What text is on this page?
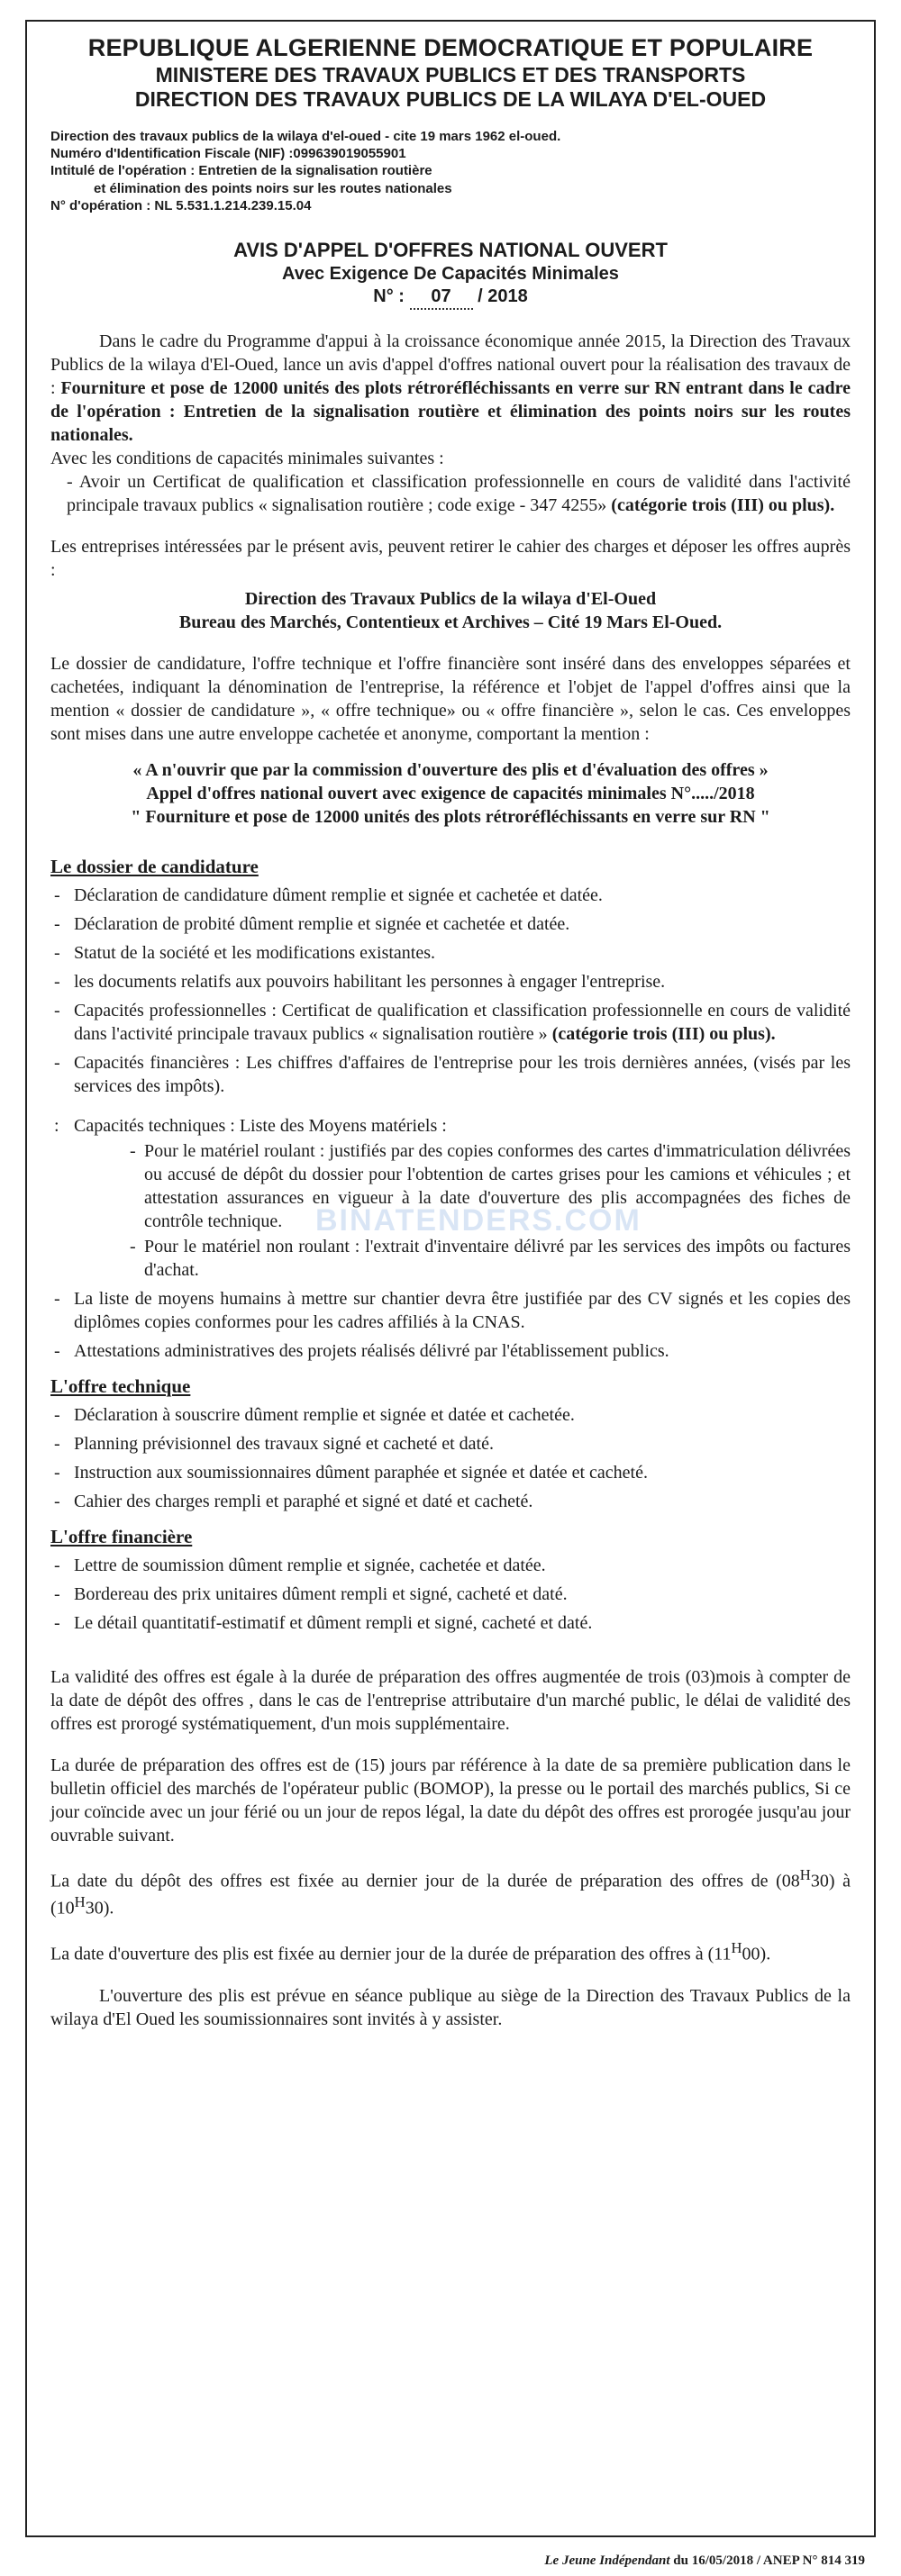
REPUBLIQUE ALGERIENNE DEMOCRATIQUE ET POPULAIRE
MINISTERE DES TRAVAUX PUBLICS ET DES TRANSPORTS
DIRECTION DES TRAVAUX PUBLICS DE LA WILAYA D'EL-OUED
Direction des travaux publics de la wilaya d'el-oued - cite 19 mars 1962 el-oued.
Numéro d'Identification Fiscale (NIF) :099639019055901
Intitulé de l'opération : Entretien de la signalisation routière
et élimination des points noirs sur les routes nationales
N° d'opération : NL 5.531.1.214.239.15.04
AVIS D'APPEL D'OFFRES NATIONAL OUVERT
Avec Exigence De Capacités Minimales
N° : 07 / 2018

Dans le cadre du Programme d'appui à la croissance économique année 2015, la Direction des Travaux Publics de la wilaya d'El-Oued, lance un avis d'appel d'offres national ouvert pour la réalisation des travaux de : Fourniture et pose de 12000 unités des plots rétroréfléchissants en verre sur RN entrant dans le cadre de l'opération : Entretien de la signalisation routière et élimination des points noirs sur les routes nationales.

Avec les conditions de capacités minimales suivantes :

- Avoir un Certificat de qualification et classification professionnelle en cours de validité dans l'activité principale travaux publics « signalisation routière ; code exige - 347 4255» (catégorie trois (III) ou plus).

Les entreprises intéressées par le présent avis, peuvent retirer le cahier des charges et déposer les offres auprès :

Direction des Travaux Publics de la wilaya d'El-Oued
Bureau des Marchés, Contentieux et Archives – Cité 19 Mars El-Oued.

Le dossier de candidature, l'offre technique et l'offre financière sont inséré dans des enveloppes séparées et cachetées, indiquant la dénomination de l'entreprise, la référence et l'objet de l'appel d'offres ainsi que la mention « dossier de candidature », « offre technique» ou « offre financière », selon le cas. Ces enveloppes sont mises dans une autre enveloppe cachetée et anonyme, comportant la mention :

« A n'ouvrir que par la commission d'ouverture des plis et d'évaluation des offres »
Appel d'offres national ouvert avec exigence de capacités minimales N°...../2018
" Fourniture et pose de 12000 unités des plots rétroréfléchissants en verre sur RN "
Le dossier de candidature
- Déclaration de candidature dûment remplie et signée et cachetée et datée.
- Déclaration de probité dûment remplie et signée et cachetée et datée.
- Statut de la société et les modifications existantes.
- les documents relatifs aux pouvoirs habilitant les personnes à engager l'entreprise.
- Capacités professionnelles : Certificat de qualification et classification professionnelle en cours de validité dans l'activité principale travaux publics « signalisation routière » (catégorie trois (III) ou plus).
- Capacités financières : Les chiffres d'affaires de l'entreprise pour les trois dernières années, (visés par les services des impôts).
: Capacités techniques : Liste des Moyens matériels :
- Pour le matériel roulant : justifiés par des copies conformes des cartes d'immatriculation délivrées ou accusé de dépôt du dossier pour l'obtention de cartes grises pour les camions et véhicules ; et attestation assurances en vigueur à la date d'ouverture des plis accompagnées des fiches de contrôle technique.
- Pour le matériel non roulant : l'extrait d'inventaire délivré par les services des impôts ou factures d'achat.
- La liste de moyens humains à mettre sur chantier devra être justifiée par des CV signés et les copies des diplômes copies conformes pour les cadres affiliés à la CNAS.
- Attestations administratives des projets réalisés délivré par l'établissement publics.
L'offre technique
- Déclaration à souscrire dûment remplie et signée et datée et cachetée.
- Planning prévisionnel des travaux signé et cacheté et daté.
- Instruction aux soumissionnaires dûment paraphée et signée et datée et cacheté.
- Cahier des charges rempli et paraphé et signé et daté et cacheté.
L'offre financière
- Lettre de soumission dûment remplie et signée, cachetée et datée.
- Bordereau des prix unitaires dûment rempli et signé, cacheté et daté.
- Le détail quantitatif-estimatif et dûment rempli et signé, cacheté et daté.

La validité des offres est égale à la durée de préparation des offres augmentée de trois (03)mois à compter de la date de dépôt des offres , dans le cas de l'entreprise attributaire d'un marché public, le délai de validité des offres est prorogé systématiquement, d'un mois supplémentaire.

La durée de préparation des offres est de (15) jours par référence à la date de sa première publication dans le bulletin officiel des marchés de l'opérateur public (BOMOP), la presse ou le portail des marchés publics, Si ce jour coïncide avec un jour férié ou un jour de repos légal, la date du dépôt des offres est prorogée jusqu'au jour ouvrable suivant.

La date du dépôt des offres est fixée au dernier jour de la durée de préparation des offres de $(08^H30)$ à $(10^H30)$.

La date d'ouverture des plis est fixée au dernier jour de la durée de préparation des offres à $(11^H00)$.

L'ouverture des plis est prévue en séance publique au siège de la Direction des Travaux Publics de la wilaya d'El Oued les soumissionnaires sont invités à y assister.

BINATENDERS.COM
Le Jeune Indépendant du 16/05/2018 / ANEP N° 814 319
